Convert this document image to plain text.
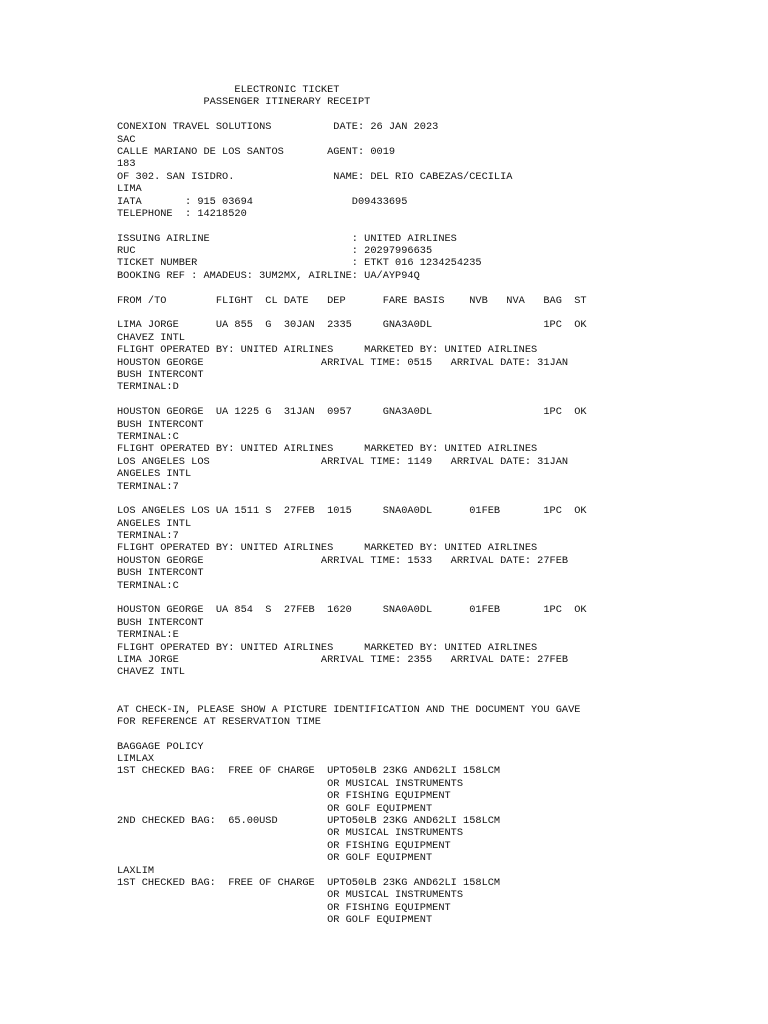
ELECTRONIC TICKET
PASSENGER ITINERARY RECEIPT
CONEXION TRAVEL SOLUTIONS          DATE: 26 JAN 2023
SAC
CALLE MARIANO DE LOS SANTOS       AGENT: 0019
183
OF 302. SAN ISIDRO.                NAME: DEL RIO CABEZAS/CECILIA
LIMA
IATA       : 915 03694                D09433695
TELEPHONE  : 14218520
ISSUING AIRLINE                       : UNITED AIRLINES
RUC                                   : 20297996635
TICKET NUMBER                         : ETKT 016 1234254235
BOOKING REF : AMADEUS: 3UM2MX, AIRLINE: UA/AYP94Q
FROM /TO        FLIGHT  CL DATE   DEP      FARE BASIS    NVB   NVA   BAG  ST
LIMA JORGE      UA 855  G  30JAN  2335     GNA3A0DL                  1PC  OK
CHAVEZ INTL
FLIGHT OPERATED BY: UNITED AIRLINES     MARKETED BY: UNITED AIRLINES
HOUSTON GEORGE                   ARRIVAL TIME: 0515   ARRIVAL DATE: 31JAN
BUSH INTERCONT
TERMINAL:D
HOUSTON GEORGE  UA 1225 G  31JAN  0957     GNA3A0DL                  1PC  OK
BUSH INTERCONT
TERMINAL:C
FLIGHT OPERATED BY: UNITED AIRLINES     MARKETED BY: UNITED AIRLINES
LOS ANGELES LOS                  ARRIVAL TIME: 1149   ARRIVAL DATE: 31JAN
ANGELES INTL
TERMINAL:7
LOS ANGELES LOS UA 1511 S  27FEB  1015     SNA0A0DL      01FEB       1PC  OK
ANGELES INTL
TERMINAL:7
FLIGHT OPERATED BY: UNITED AIRLINES     MARKETED BY: UNITED AIRLINES
HOUSTON GEORGE                   ARRIVAL TIME: 1533   ARRIVAL DATE: 27FEB
BUSH INTERCONT
TERMINAL:C
HOUSTON GEORGE  UA 854  S  27FEB  1620     SNA0A0DL      01FEB       1PC  OK
BUSH INTERCONT
TERMINAL:E
FLIGHT OPERATED BY: UNITED AIRLINES     MARKETED BY: UNITED AIRLINES
LIMA JORGE                       ARRIVAL TIME: 2355   ARRIVAL DATE: 27FEB
CHAVEZ INTL
AT CHECK-IN, PLEASE SHOW A PICTURE IDENTIFICATION AND THE DOCUMENT YOU GAVE
FOR REFERENCE AT RESERVATION TIME
BAGGAGE POLICY
LIMLAX
1ST CHECKED BAG:  FREE OF CHARGE  UPTO50LB 23KG AND62LI 158LCM
OR MUSICAL INSTRUMENTS
OR FISHING EQUIPMENT
OR GOLF EQUIPMENT
2ND CHECKED BAG:  65.00USD        UPTO50LB 23KG AND62LI 158LCM
OR MUSICAL INSTRUMENTS
OR FISHING EQUIPMENT
OR GOLF EQUIPMENT
LAXLIM
1ST CHECKED BAG:  FREE OF CHARGE  UPTO50LB 23KG AND62LI 158LCM
OR MUSICAL INSTRUMENTS
OR FISHING EQUIPMENT
OR GOLF EQUIPMENT
